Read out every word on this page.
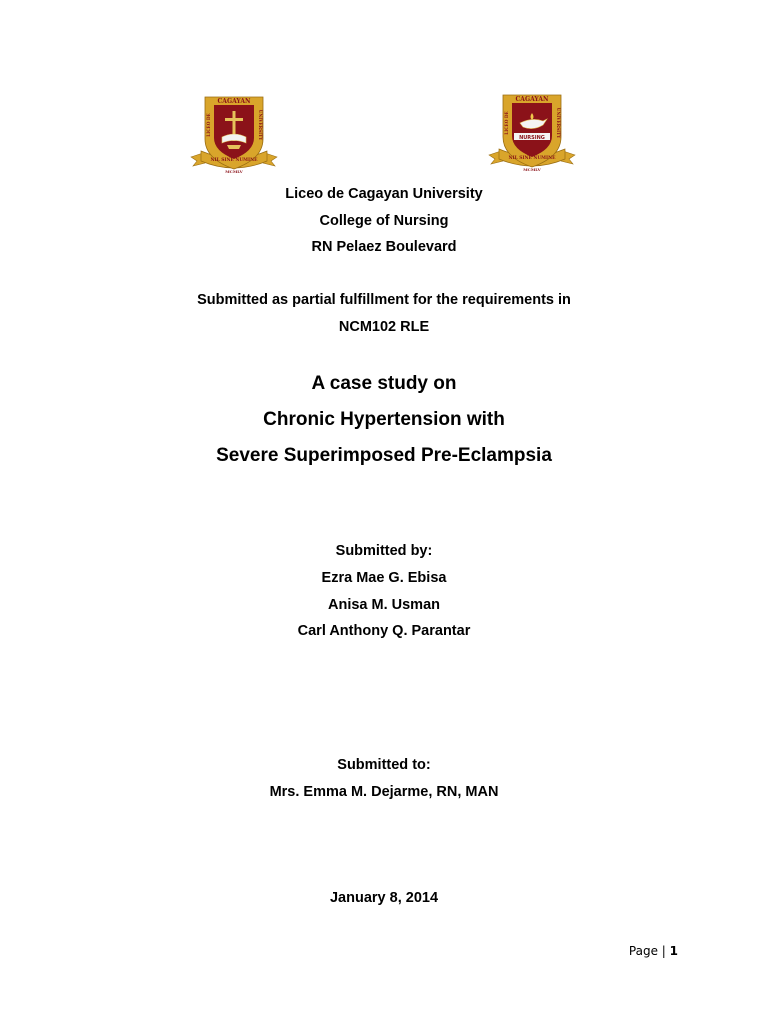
CAGAYAN
LICEO DE	UNIVERSITY
NIL SINE NUMINE
MCMLV
NURSING
CAGAYAN
LICEO DE	UNIVERSITY
NIL SINE NUMINE
MCMLV
Liceo de Cagayan University
College of Nursing
RN Pelaez Boulevard
Submitted as partial fulfillment for the requirements in
NCM102 RLE
A case study on
Chronic Hypertension with
Severe Superimposed Pre-Eclampsia
Submitted by:
Ezra Mae G. Ebisa
Anisa M. Usman
Carl Anthony Q. Parantar
Submitted to:
Mrs. Emma M. Dejarme, RN, MAN
January 8, 2014
Page | 1
